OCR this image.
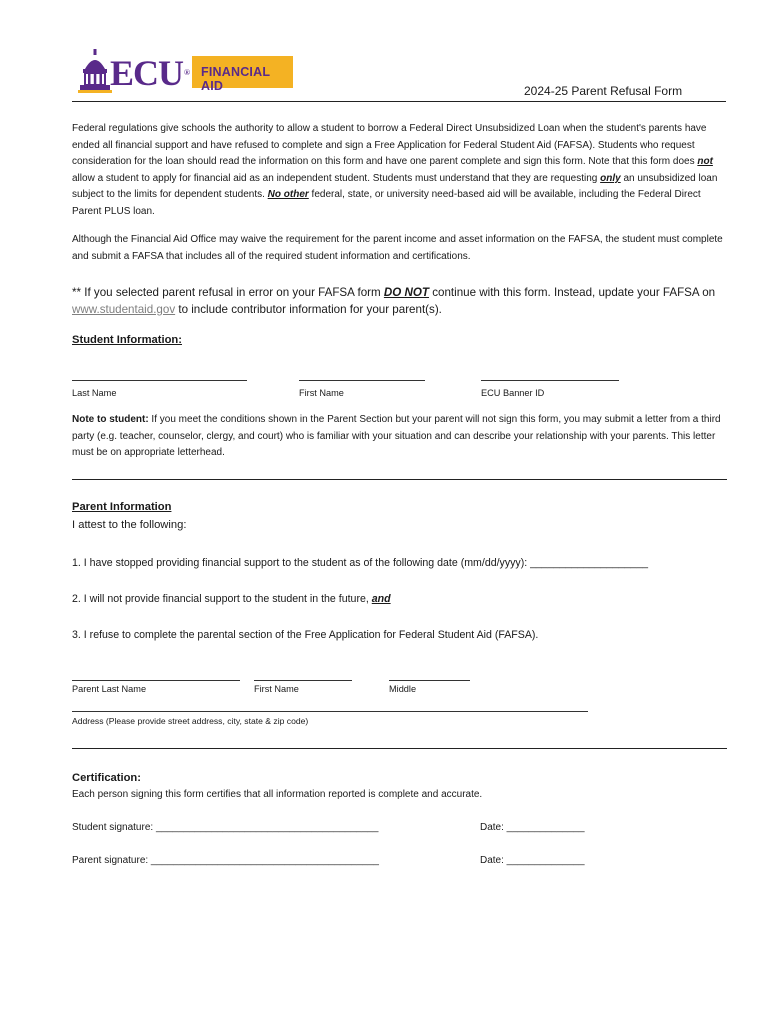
ECU® FINANCIAL AID	2024-25 Parent Refusal Form
Federal regulations give schools the authority to allow a student to borrow a Federal Direct Unsubsidized Loan when the student's parents have ended all financial support and have refused to complete and sign a Free Application for Federal Student Aid (FAFSA). Students who request consideration for the loan should read the information on this form and have one parent complete and sign this form. Note that this form does not allow a student to apply for financial aid as an independent student. Students must understand that they are requesting only an unsubsidized loan subject to the limits for dependent students. No other federal, state, or university need-based aid will be available, including the Federal Direct Parent PLUS loan.
Although the Financial Aid Office may waive the requirement for the parent income and asset information on the FAFSA, the student must complete and submit a FAFSA that includes all of the required student information and certifications.
** If you selected parent refusal in error on your FAFSA form DO NOT continue with this form. Instead, update your FAFSA on www.studentaid.gov to include contributor information for your parent(s).
Student Information:
Last Name	First Name	ECU Banner ID
Note to student: If you meet the conditions shown in the Parent Section but your parent will not sign this form, you may submit a letter from a third party (e.g. teacher, counselor, clergy, and court) who is familiar with your situation and can describe your relationship with your parents. This letter must be on appropriate letterhead.
Parent Information
I attest to the following:
1. I have stopped providing financial support to the student as of the following date (mm/dd/yyyy): ____________________
2. I will not provide financial support to the student in the future, and
3. I refuse to complete the parental section of the Free Application for Federal Student Aid (FAFSA).
Parent Last Name	First Name	Middle
Address (Please provide street address, city, state & zip code)
Certification:
Each person signing this form certifies that all information reported is complete and accurate.
Student signature: ________________________________________	Date: ______________
Parent signature: _________________________________________	Date: ______________
